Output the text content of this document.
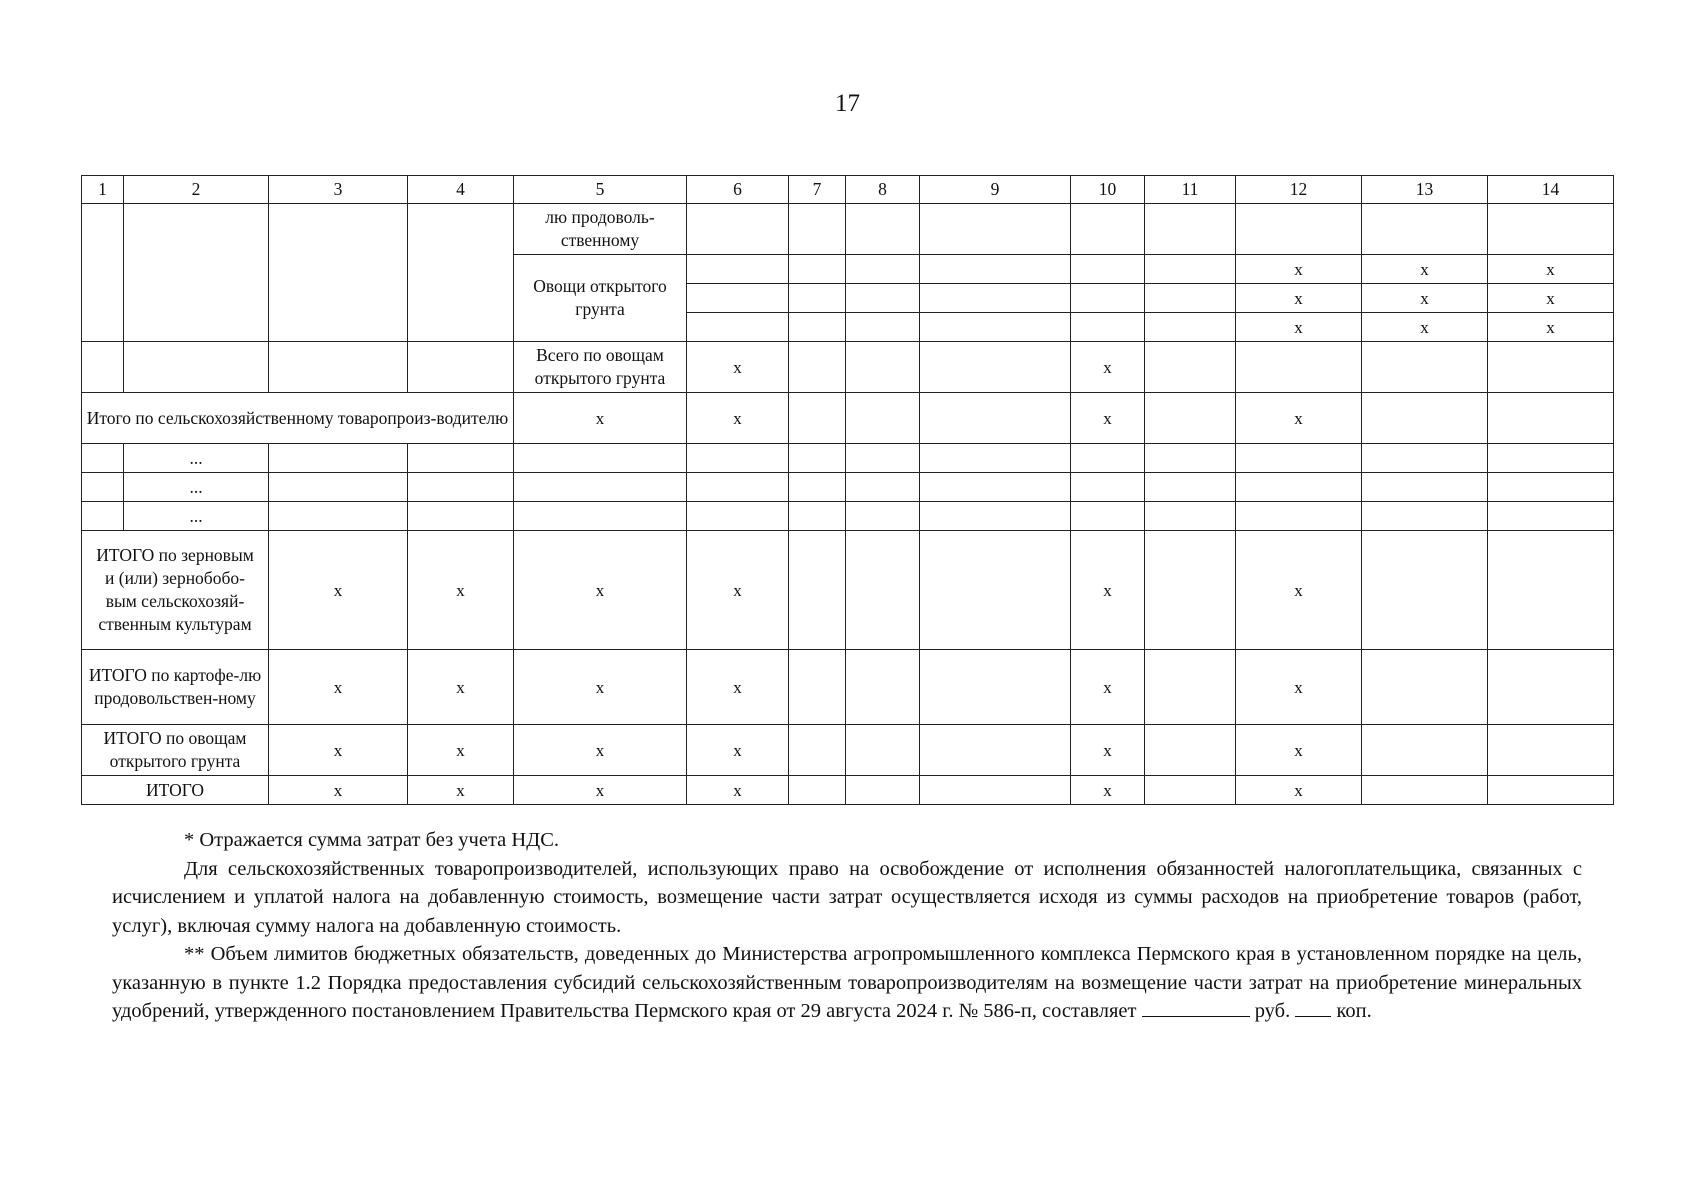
17
1	2	3	4	5	6	7	8	9	10	11	12	13	14
				лю продоволь-ственному									
				Овощи открытого грунта							х	х	х
											х	х	х
											х	х	х
				Всего по овощам открытого грунта	х				х				
Итого по сельскохозяйственному товаропроиз-водителю				х	х				х		х		
	...												
	...												
	...												
ИТОГО по зерновым и (или) зернобобо-вым сельскохозяй-ственным культурам		х	х	х	х				х		х		
ИТОГО по картофе-лю продовольствен-ному		х	х	х	х				х		х		
ИТОГО по овощам открытого грунта		х	х	х	х				х		х		
ИТОГО		х	х	х	х				х		х		

* Отражается сумма затрат без учета НДС.

Для сельскохозяйственных товаропроизводителей, использующих право на освобождение от исполнения обязанностей налогоплательщика, связанных с исчислением и уплатой налога на добавленную стоимость, возмещение части затрат осуществляется исходя из суммы расходов на приобретение товаров (работ, услуг), включая сумму налога на добавленную стоимость.

** Объем лимитов бюджетных обязательств, доведенных до Министерства агропромышленного комплекса Пермского края в установленном порядке на цель, указанную в пункте 1.2 Порядка предоставления субсидий сельскохозяйственным товаропроизводителям на возмещение части затрат на приобретение минеральных удобрений, утвержденного постановлением Правительства Пермского края от 29 августа 2024 г. № 586-п, составляет	руб. коп.
